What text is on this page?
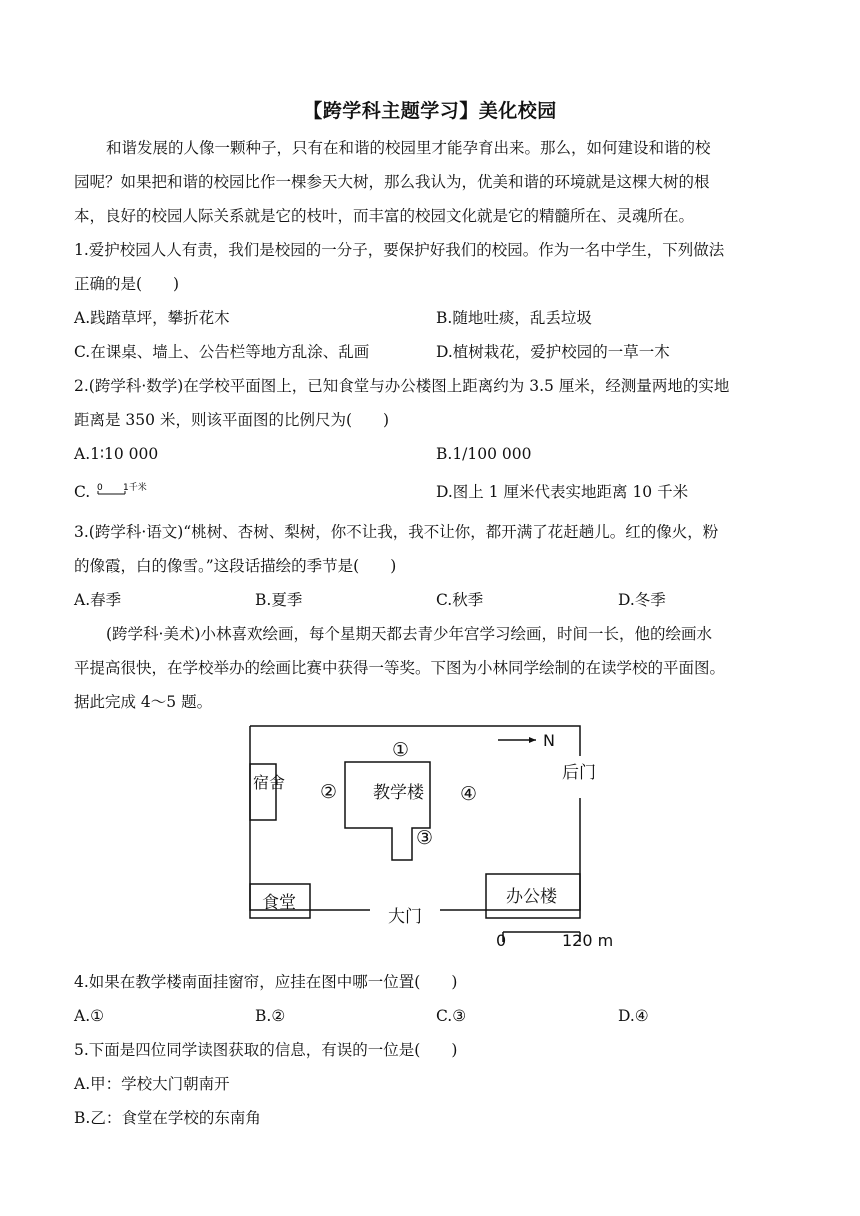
【跨学科主题学习】美化校园
和谐发展的人像一颗种子，只有在和谐的校园里才能孕育出来。那么，如何建设和谐的校
园呢？如果把和谐的校园比作一棵参天大树，那么我认为，优美和谐的环境就是这棵大树的根
本，良好的校园人际关系就是它的枝叶，而丰富的校园文化就是它的精髓所在、灵魂所在。
1.爱护校园人人有责，我们是校园的一分子，要保护好我们的校园。作为一名中学生，下列做法
正确的是(　　)
A.践踏草坪，攀折花木	B.随地吐痰，乱丢垃圾
C.在课桌、墙上、公告栏等地方乱涂、乱画	D.植树栽花，爱护校园的一草一木
2.(跨学科·数学)在学校平面图上，已知食堂与办公楼图上距离约为 3.5 厘米，经测量两地的实地
距离是 350 米，则该平面图的比例尺为(　　)
A.1∶10 000	B.1/100 000
C. 0 1千米	D.图上 1 厘米代表实地距离 10 千米
3.(跨学科·语文)“桃树、杏树、梨树，你不让我，我不让你，都开满了花赶趟儿。红的像火，粉
的像霞，白的像雪。”这段话描绘的季节是(　　)
A.春季	B.夏季	C.秋季	D.冬季
(跨学科·美术)小林喜欢绘画，每个星期天都去青少年宫学习绘画，时间一长，他的绘画水
平提高很快，在学校举办的绘画比赛中获得一等奖。下图为小林同学绘制的在读学校的平面图。
据此完成 4～5 题。
N
后门
宿舍
教学楼
①
②
③
④
食堂
大门
办公楼
0	120 m
4.如果在教学楼南面挂窗帘，应挂在图中哪一位置(　　)
A.①	B.②	C.③	D.④
5.下面是四位同学读图获取的信息，有误的一位是(　　)
A.甲：学校大门朝南开
B.乙：食堂在学校的东南角
